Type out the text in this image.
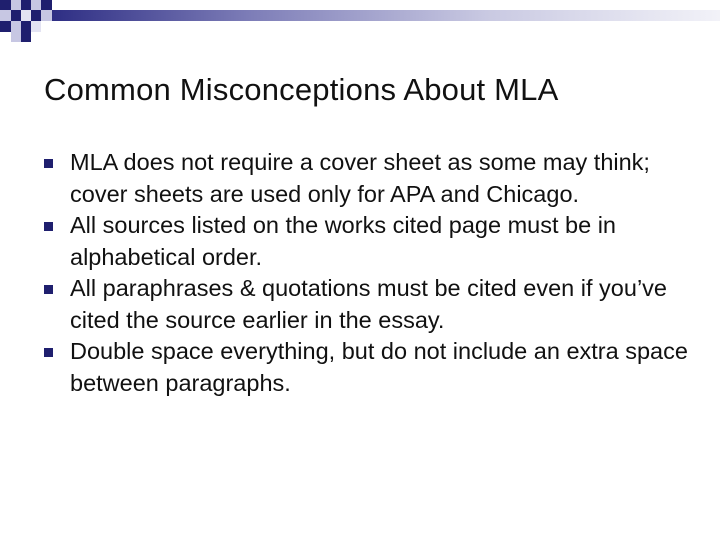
Common Misconceptions About MLA
MLA does not require a cover sheet as some may think; cover sheets are used only for APA and Chicago.
All sources listed on the works cited page must be in alphabetical order.
All paraphrases & quotations must be cited even if you’ve cited the source earlier in the essay.
Double space everything, but do not include an extra space between paragraphs.
